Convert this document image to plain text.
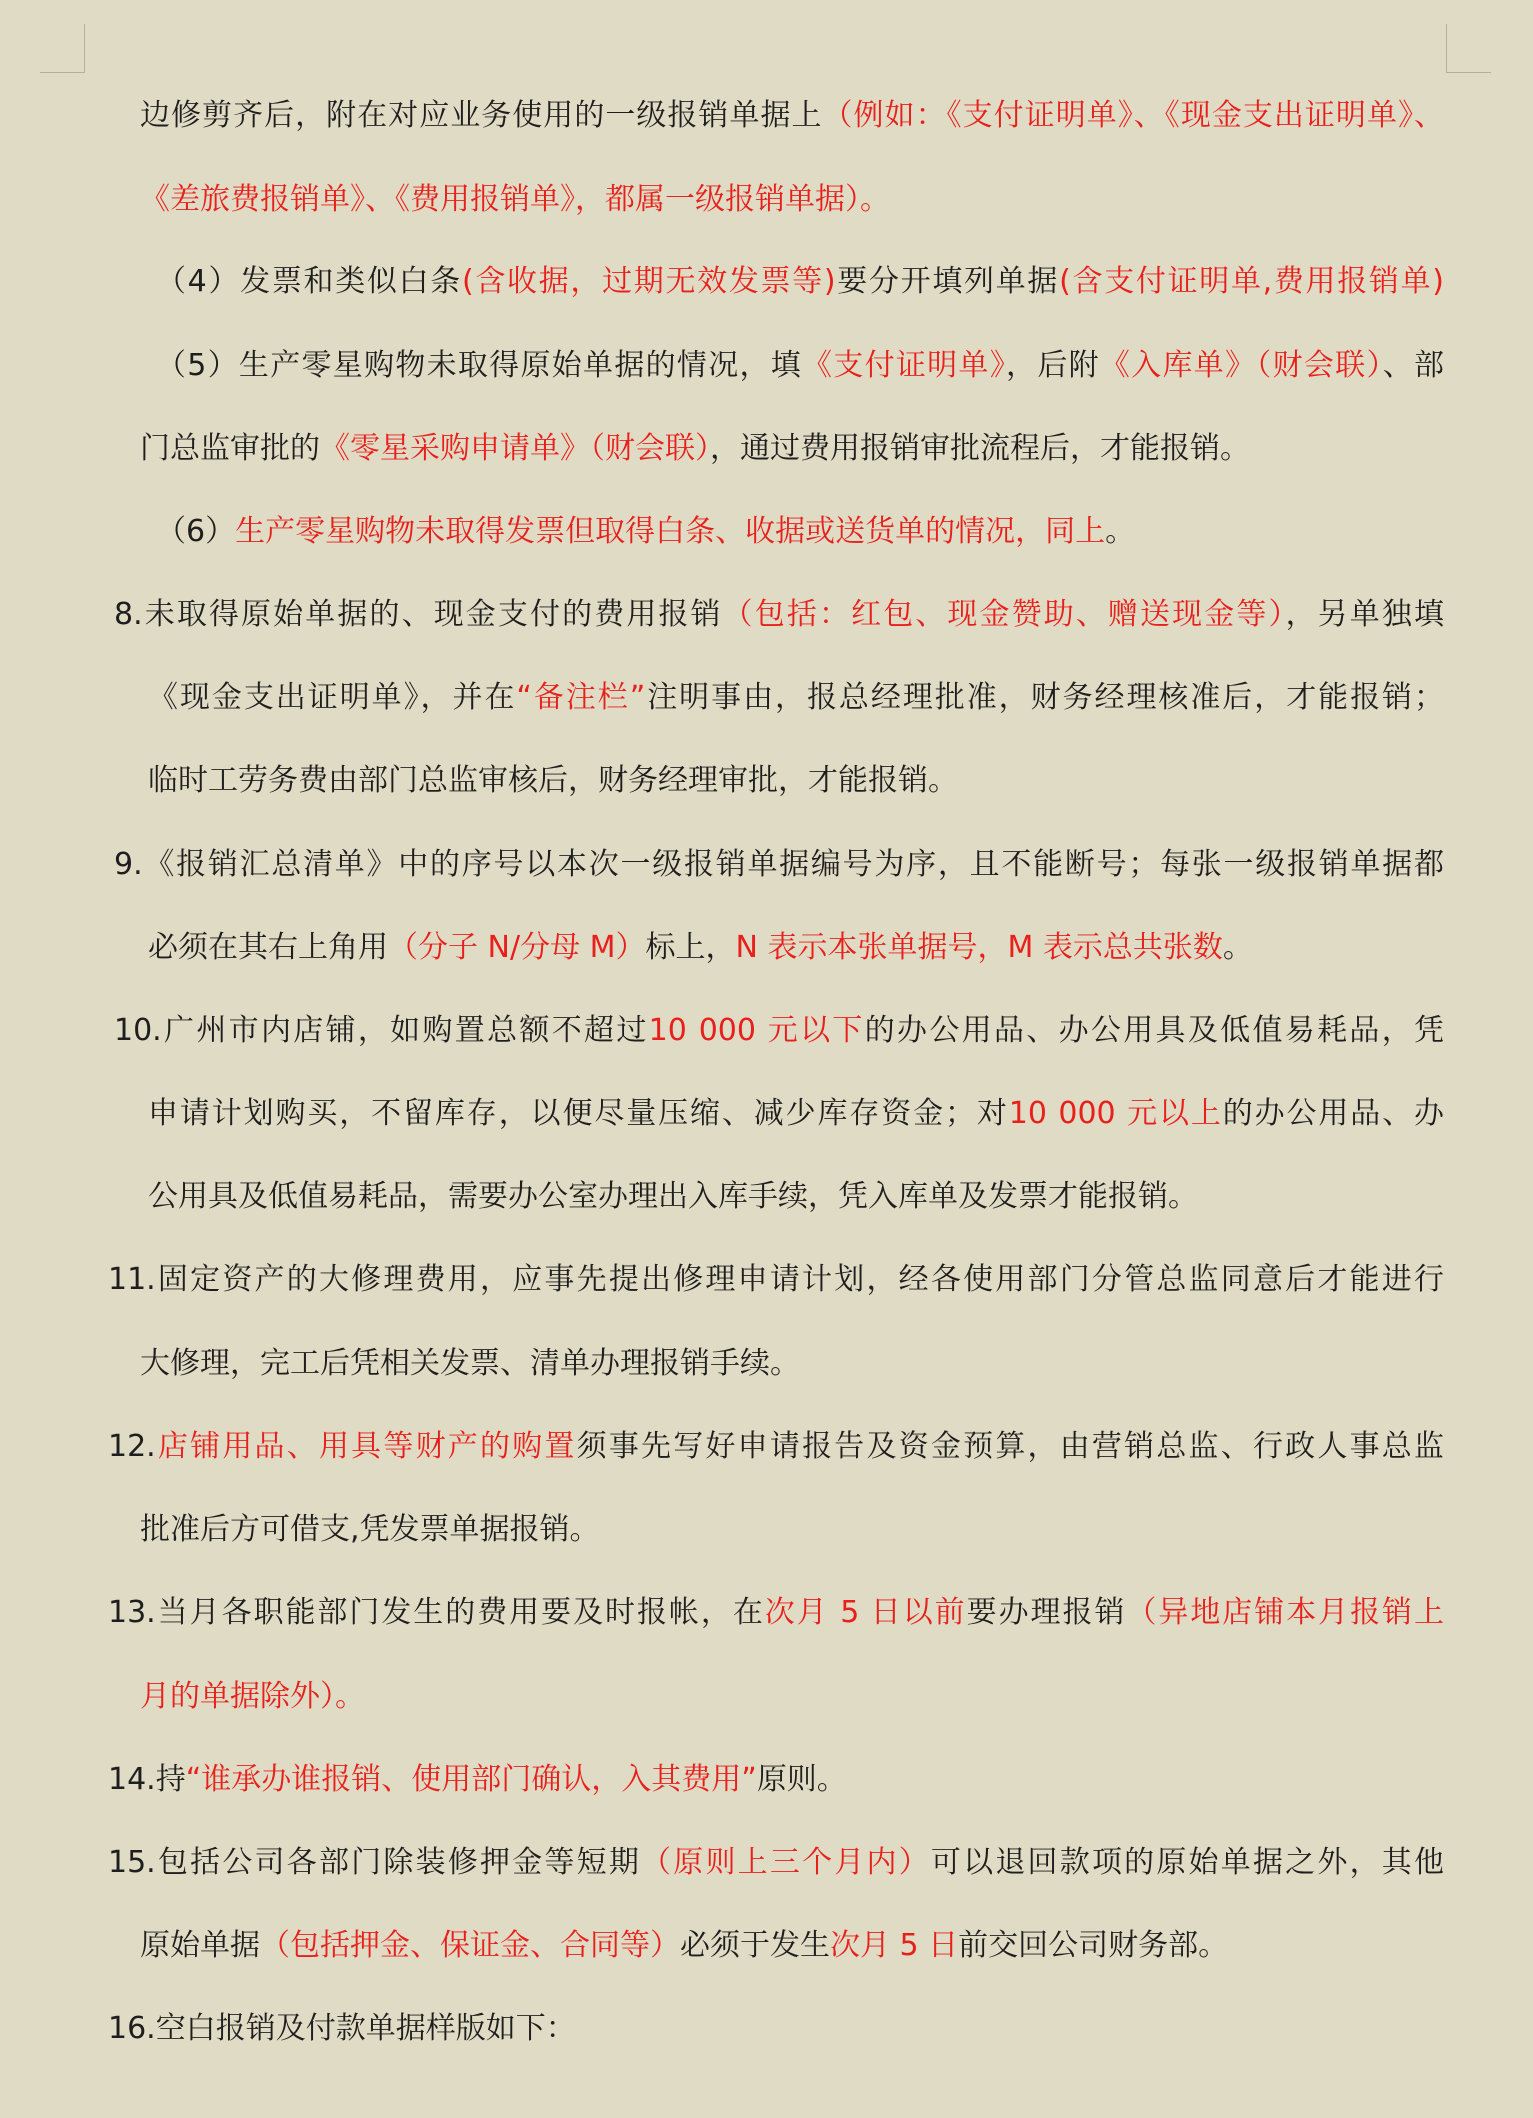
边修剪齐后，附在对应业务使用的一级报销单据上（例如：《支付证明单》、《现金支出证明单》、
《差旅费报销单》、《费用报销单》，都属一级报销单据）。
（4）发票和类似白条(含收据，过期无效发票等)要分开填列单据(含支付证明单,费用报销单)
（5）生产零星购物未取得原始单据的情况，填《支付证明单》，后附《入库单》（财会联）、部
门总监审批的《零星采购申请单》（财会联），通过费用报销审批流程后，才能报销。
（6）生产零星购物未取得发票但取得白条、收据或送货单的情况，同上。
8.未取得原始单据的、现金支付的费用报销（包括：红包、现金赞助、赠送现金等），另单独填
《现金支出证明单》，并在“备注栏”注明事由，报总经理批准，财务经理核准后，才能报销；
临时工劳务费由部门总监审核后，财务经理审批，才能报销。
9.《报销汇总清单》中的序号以本次一级报销单据编号为序，且不能断号；每张一级报销单据都
必须在其右上角用（分子 N/分母 M）标上，N 表示本张单据号，M 表示总共张数。
10.广州市内店铺，如购置总额不超过10 000 元以下的办公用品、办公用具及低值易耗品，凭
申请计划购买，不留库存，以便尽量压缩、减少库存资金；对10 000 元以上的办公用品、办
公用具及低值易耗品，需要办公室办理出入库手续，凭入库单及发票才能报销。
11.固定资产的大修理费用，应事先提出修理申请计划，经各使用部门分管总监同意后才能进行
大修理，完工后凭相关发票、清单办理报销手续。
12.店铺用品、用具等财产的购置须事先写好申请报告及资金预算，由营销总监、行政人事总监
批准后方可借支,凭发票单据报销。
13.当月各职能部门发生的费用要及时报帐，在次月 5 日以前要办理报销（异地店铺本月报销上
月的单据除外）。
14.持“谁承办谁报销、使用部门确认，入其费用”原则。
15.包括公司各部门除装修押金等短期（原则上三个月内）可以退回款项的原始单据之外，其他
原始单据（包括押金、保证金、合同等）必须于发生次月 5 日前交回公司财务部。
16.空白报销及付款单据样版如下：
